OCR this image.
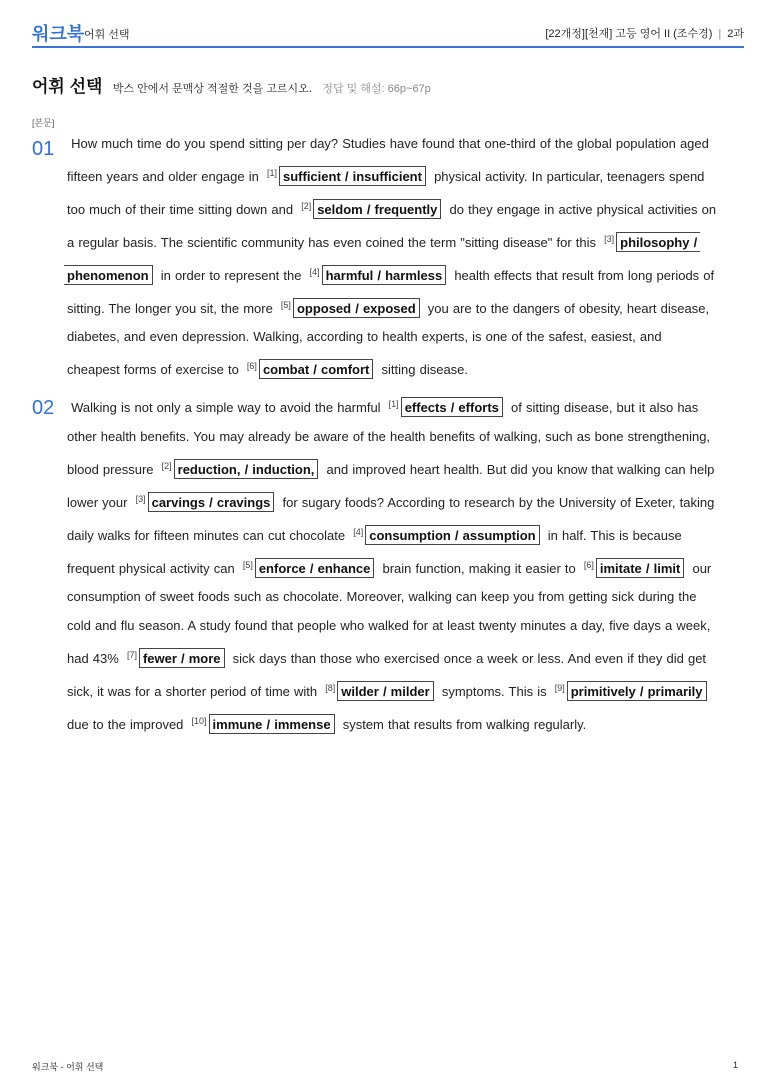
워크북 어휘 선택	[22개정][천재] 고등 영어 II (조수경) | 2과
어휘 선택 박스 안에서 문맥상 적절한 것을 고르시오. 정답 및 해설: 66p~67p
[본문]
01	How much time do you spend sitting per day? Studies have found that one-third of the global population aged
fifteen years and older engage in [1] sufficient / insufficient physical activity. In particular, teenagers spend
too much of their time sitting down and [2] seldom / frequently do they engage in active physical activities on
a regular basis. The scientific community has even coined the term "sitting disease" for this [3] philosophy /
phenomenon in order to represent the [4] harmful / harmless health effects that result from long periods of
sitting. The longer you sit, the more [5] opposed / exposed you are to the dangers of obesity, heart disease,
diabetes, and even depression. Walking, according to health experts, is one of the safest, easiest, and
cheapest forms of exercise to [6] combat / comfort sitting disease.
02	Walking is not only a simple way to avoid the harmful [1] effects / efforts of sitting disease, but it also has
other health benefits. You may already be aware of the health benefits of walking, such as bone strengthening,
blood pressure [2] reduction, / induction, and improved heart health. But did you know that walking can help
lower your [3] carvings / cravings for sugary foods? According to research by the University of Exeter, taking
daily walks for fifteen minutes can cut chocolate [4] consumption / assumption in half. This is because
frequent physical activity can [5] enforce / enhance brain function, making it easier to [6] imitate / limit our
consumption of sweet foods such as chocolate. Moreover, walking can keep you from getting sick during the
cold and flu season. A study found that people who walked for at least twenty minutes a day, five days a week,
had 43% [7] fewer / more sick days than those who exercised once a week or less. And even if they did get
sick, it was for a shorter period of time with [8] wilder / milder symptoms. This is [9] primitively / primarily
due to the improved [10] immune / immense system that results from walking regularly.
워크북 - 어휘 선택	1
